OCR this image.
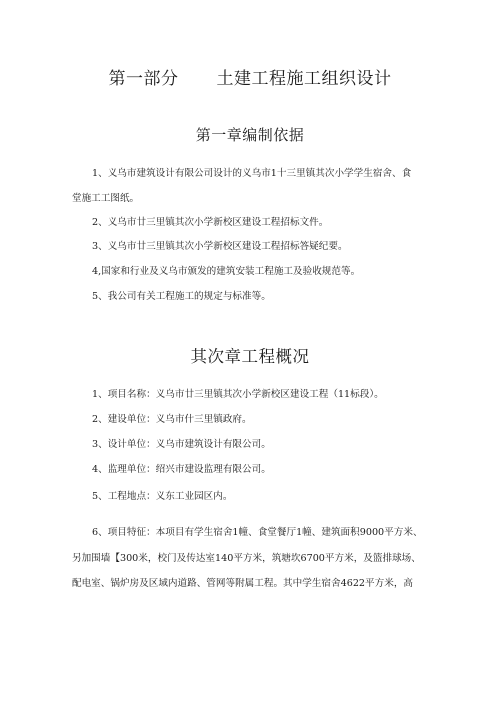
第一部分 土建工程施工组织设计
第一章编制依据
1、义乌市建筑设计有限公司设计的义乌市1十三里镇其次小学学生宿舍、食
堂施工工图纸。
2、义乌市廿三里镇其次小学新校区建设工程招标文件。
3、义乌市廿三里镇其次小学新校区建设工程招标答疑纪要。
4,国家和行业及义乌市颁发的建筑安装工程施工及验收规范等。
5、我公司有关工程施工的规定与标准等。
其次章工程概况
1、项目名称：义乌市廿三里镇其次小学新校区建设工程（11标段）。
2、建设单位：义乌市什三里镇政府。
3、设计单位：义乌市建筑设计有限公司。
4、监理单位：绍兴市建设监理有限公司。
5、工程地点：义东工业园区内。
6、项目特征：本项目有学生宿舍1幢、食堂餐厅1幢、建筑面积9000平方米、
另加围墙【300米，校门及传达室140平方米，筑塘坎6700平方米，及篮排球场、
配电室、锅炉房及区域内道路、管网等附属工程。其中学生宿舍4622平方米，高
